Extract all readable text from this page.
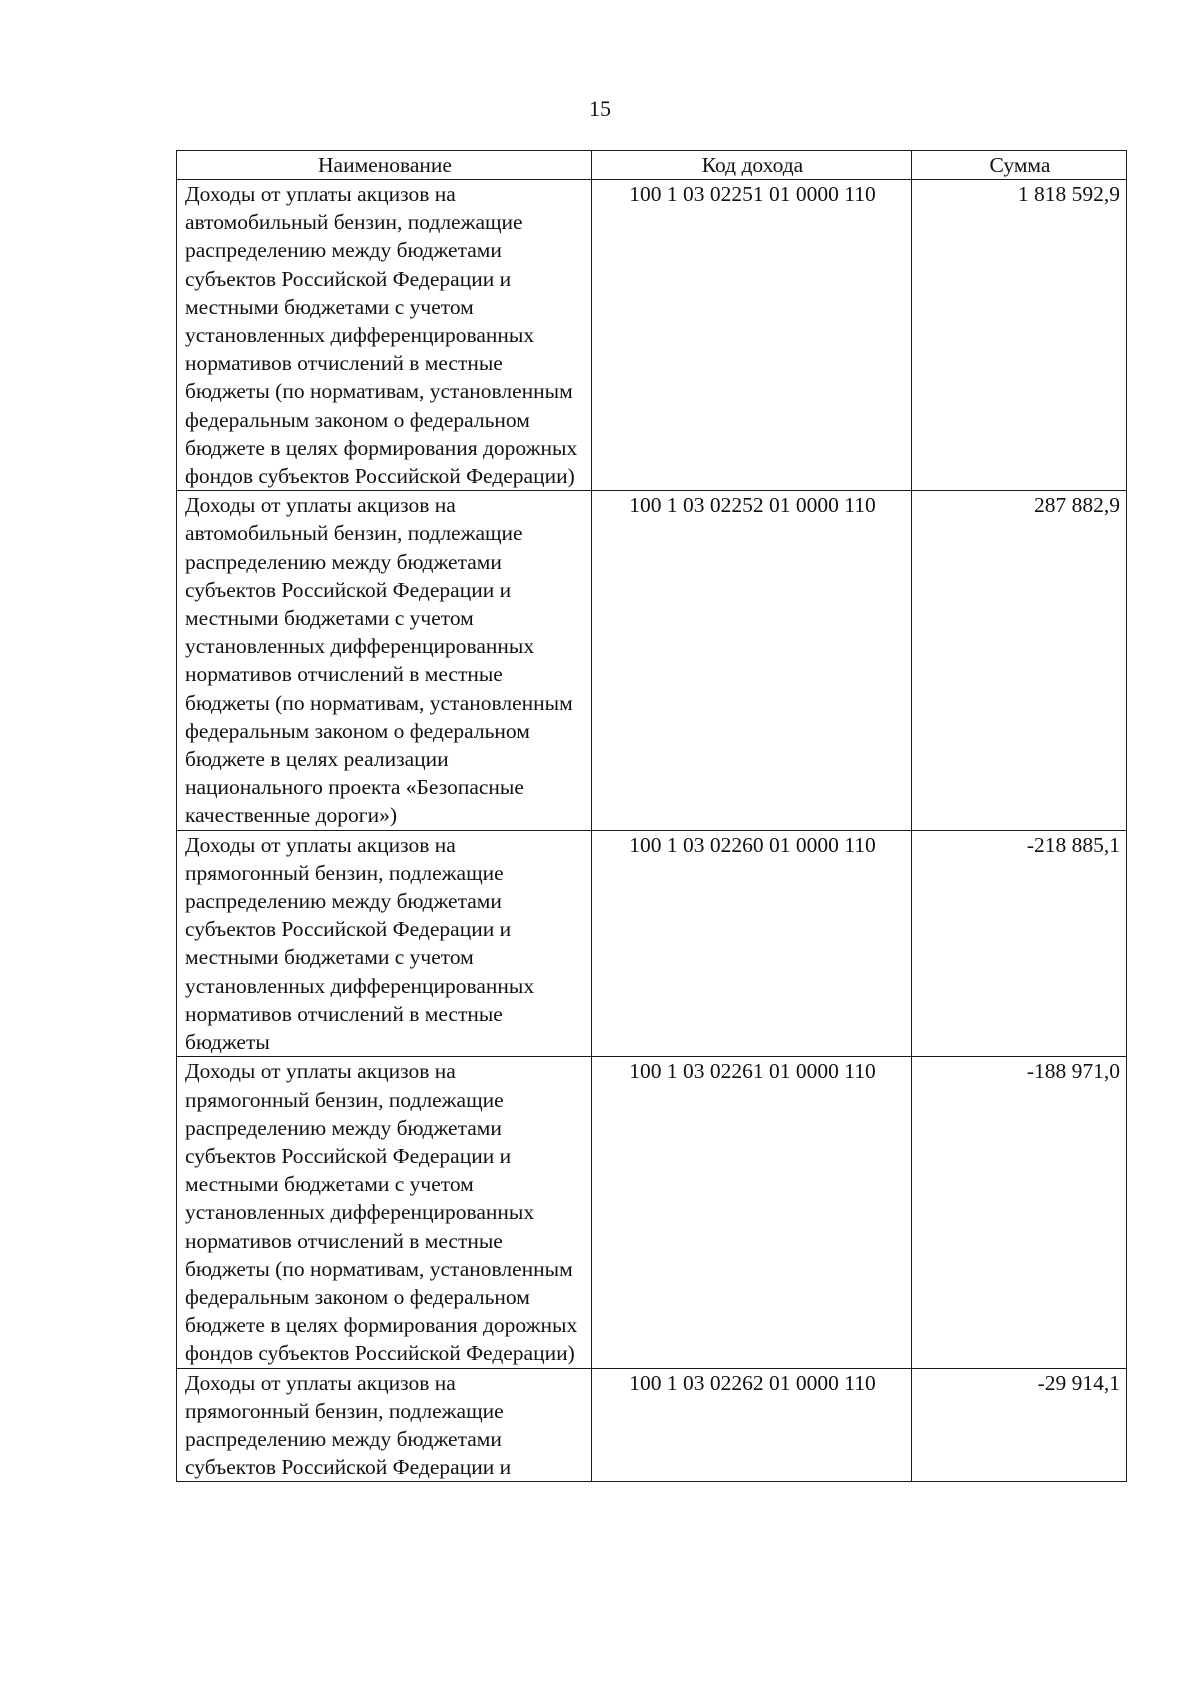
15
Наименование	Код дохода	Сумма
Доходы от уплаты акцизов на автомобильный бензин, подлежащие распределению между бюджетами субъектов Российской Федерации и местными бюджетами с учетом установленных дифференцированных нормативов отчислений в местные бюджеты (по нормативам, установленным федеральным законом о федеральном бюджете в целях формирования дорожных фондов субъектов Российской Федерации)	100 1 03 02251 01 0000 110	1 818 592,9
Доходы от уплаты акцизов на автомобильный бензин, подлежащие распределению между бюджетами субъектов Российской Федерации и местными бюджетами с учетом установленных дифференцированных нормативов отчислений в местные бюджеты (по нормативам, установленным федеральным законом о федеральном бюджете в целях реализации национального проекта «Безопасные качественные дороги»)	100 1 03 02252 01 0000 110	287 882,9
Доходы от уплаты акцизов на прямогонный бензин, подлежащие распределению между бюджетами субъектов Российской Федерации и местными бюджетами с учетом установленных дифференцированных нормативов отчислений в местные бюджеты	100 1 03 02260 01 0000 110	-218 885,1
Доходы от уплаты акцизов на прямогонный бензин, подлежащие распределению между бюджетами субъектов Российской Федерации и местными бюджетами с учетом установленных дифференцированных нормативов отчислений в местные бюджеты (по нормативам, установленным федеральным законом о федеральном бюджете в целях формирования дорожных фондов субъектов Российской Федерации)	100 1 03 02261 01 0000 110	-188 971,0
Доходы от уплаты акцизов на прямогонный бензин, подлежащие распределению между бюджетами субъектов Российской Федерации и	100 1 03 02262 01 0000 110	-29 914,1
